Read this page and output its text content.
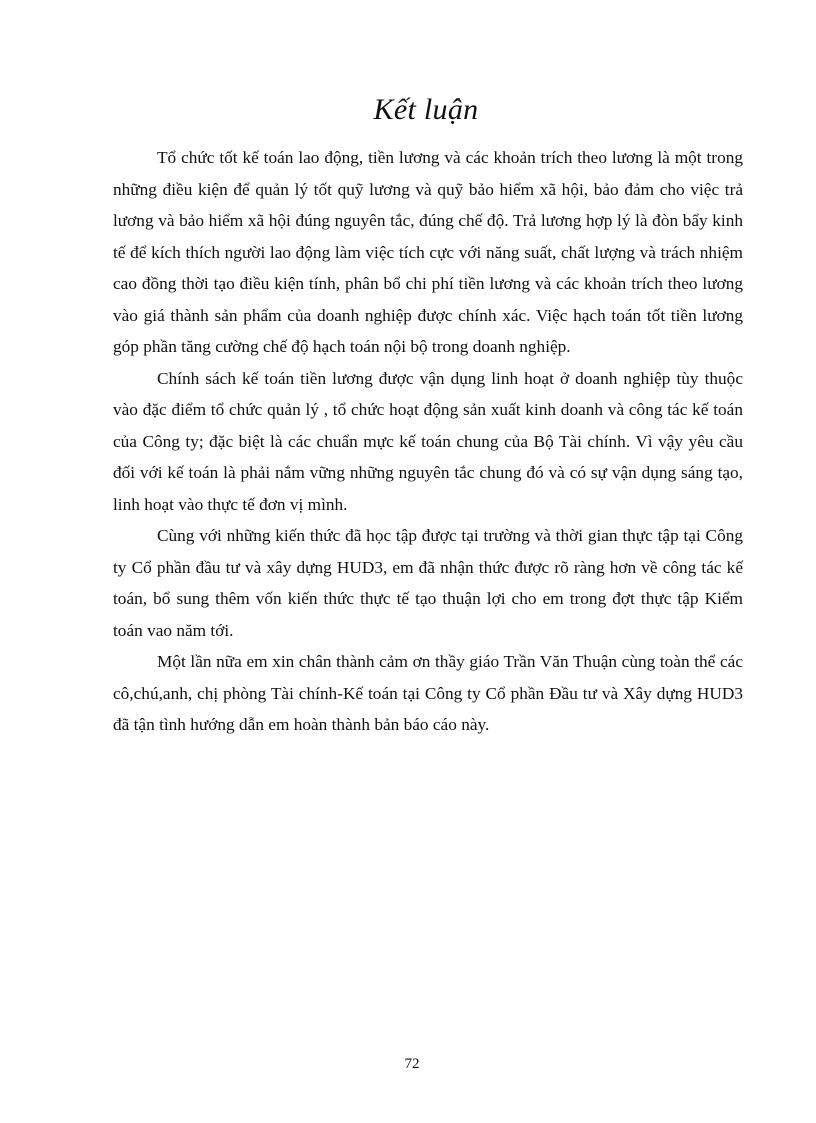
Kết luận

Tổ chức tốt kế toán lao động, tiền lương và các khoản trích theo lương là một trong những điều kiện để quản lý tốt quỹ lương và quỹ bảo hiểm xã hội, bảo đảm cho việc trả lương và bảo hiểm xã hội đúng nguyên tắc, đúng chế độ. Trả lương hợp lý là đòn bẩy kinh tế để kích thích người lao động làm việc tích cực với năng suất, chất lượng và trách nhiệm cao đồng thời tạo điều kiện tính, phân bổ chi phí tiền lương và các khoản trích theo lương vào giá thành sản phẩm của doanh nghiệp được chính xác. Việc hạch toán tốt tiền lương góp phần tăng cường chế độ hạch toán nội bộ trong doanh nghiệp.

Chính sách kế toán tiền lương được vận dụng linh hoạt ở doanh nghiệp tùy thuộc vào đặc điểm tổ chức quản lý , tổ chức hoạt động sản xuất kinh doanh và công tác kế toán của Công ty; đặc biệt là các chuẩn mực kế toán chung của Bộ Tài chính. Vì vậy yêu cầu đối với kế toán là phải nắm vững những nguyên tắc chung đó và có sự vận dụng sáng tạo, linh hoạt vào thực tế đơn vị mình.

Cùng với những kiến thức đã học tập được tại trường và thời gian thực tập tại Công ty Cổ phần đầu tư và xây dựng HUD3, em đã nhận thức được rõ ràng hơn về công tác kế toán, bổ sung thêm vốn kiến thức thực tế tạo thuận lợi cho em trong đợt thực tập Kiểm toán vao năm tới.

Một lần nữa em xin chân thành cảm ơn thầy giáo Trần Văn Thuận cùng toàn thể các cô,chú,anh, chị phòng Tài chính-Kế toán tại Công ty Cổ phần Đầu tư và Xây dựng HUD3 đã tận tình hướng dẫn em hoàn thành bản báo cáo này.

72
